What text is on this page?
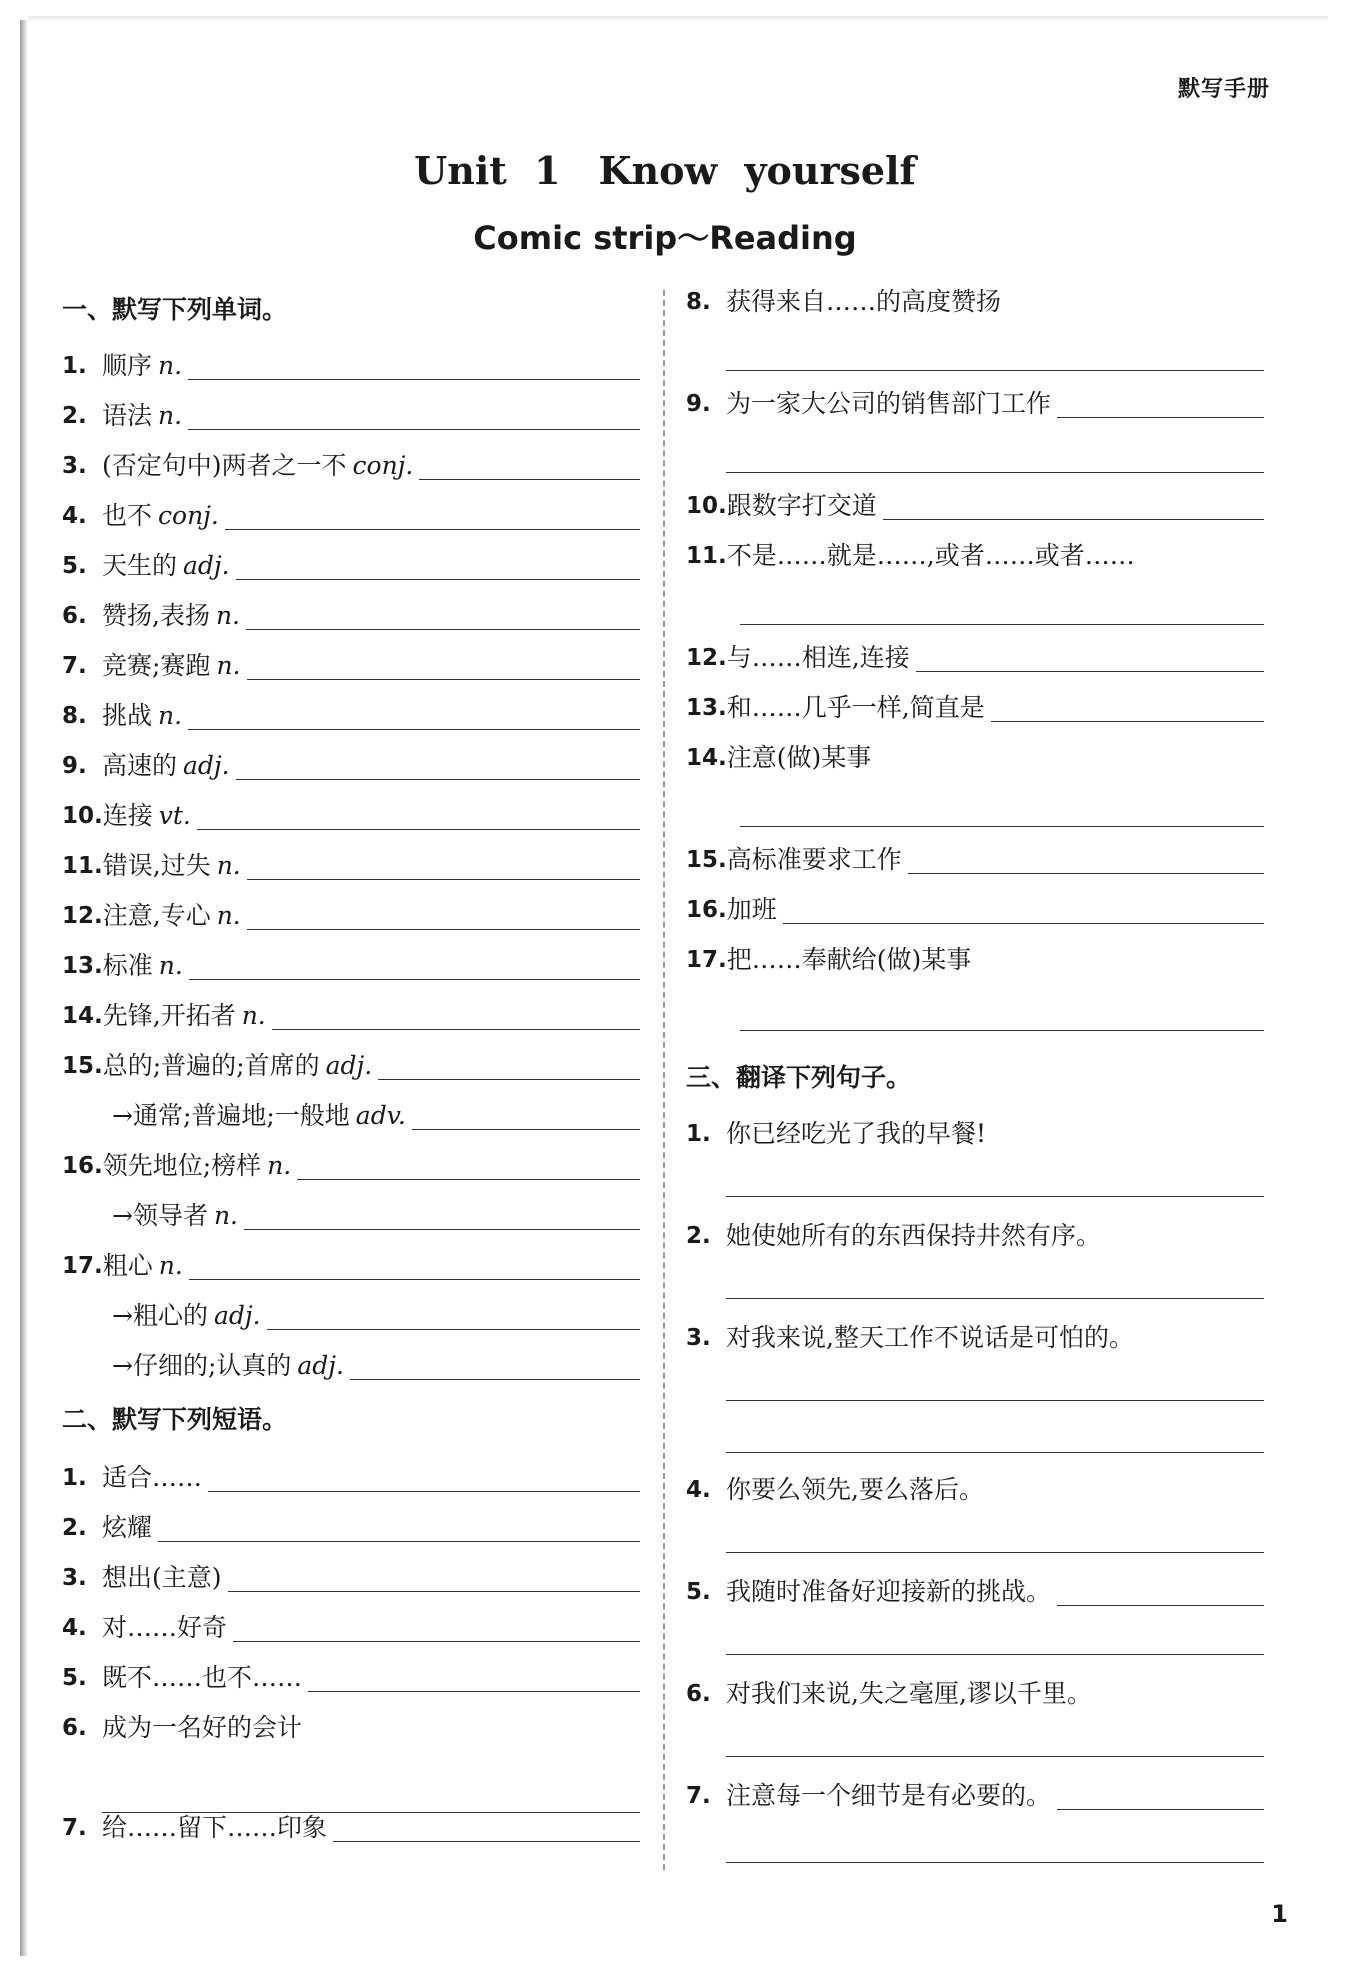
默写手册
Unit 1　Know yourself
Comic strip～Reading
一、默写下列单词。
1. 顺序 n.
2. 语法 n.
3. (否定句中)两者之一不 conj.
4. 也不 conj.
5. 天生的 adj.
6. 赞扬,表扬 n.
7. 竞赛;赛跑 n.
8. 挑战 n.
9. 高速的 adj.
10. 连接 vt.
11. 错误,过失 n.
12. 注意,专心 n.
13. 标准 n.
14. 先锋,开拓者 n.
15. 总的;普遍的;首席的 adj.
→通常;普遍地;一般地 adv.
16. 领先地位;榜样 n.
→领导者 n.
17. 粗心 n.
→粗心的 adj.
→仔细的;认真的 adj.
二、默写下列短语。
1. 适合……
2. 炫耀
3. 想出(主意)
4. 对……好奇
5. 既不……也不……
6. 成为一名好的会计
7. 给……留下……印象
8. 获得来自……的高度赞扬
9. 为一家大公司的销售部门工作
10. 跟数字打交道
11. 不是……就是……,或者……或者……
12. 与……相连,连接
13. 和……几乎一样,简直是
14. 注意(做)某事
15. 高标准要求工作
16. 加班
17. 把……奉献给(做)某事
三、翻译下列句子。
1. 你已经吃光了我的早餐!
2. 她使她所有的东西保持井然有序。
3. 对我来说,整天工作不说话是可怕的。
4. 你要么领先,要么落后。
5. 我随时准备好迎接新的挑战。
6. 对我们来说,失之毫厘,谬以千里。
7. 注意每一个细节是有必要的。
1
